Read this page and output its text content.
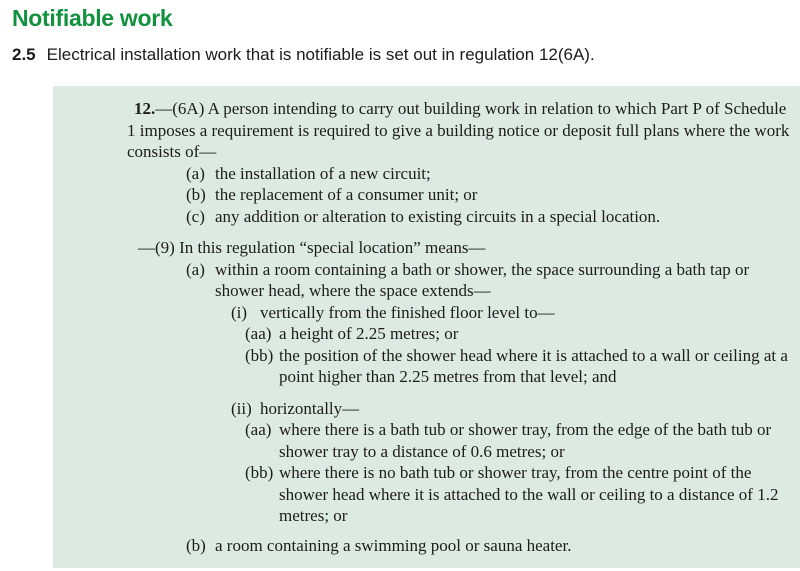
Notifiable work

2.5 Electrical installation work that is notifiable is set out in regulation 12(6A).

12.—(6A) A person intending to carry out building work in relation to which Part P of Schedule 1 imposes a requirement is required to give a building notice or deposit full plans where the work consists of—

(a) the installation of a new circuit;
(b) the replacement of a consumer unit; or
(c) any addition or alteration to existing circuits in a special location.

—(9) In this regulation “special location” means—

(a) within a room containing a bath or shower, the space surrounding a bath tap or shower head, where the space extends—
(i) vertically from the finished floor level to—
(aa) a height of 2.25 metres; or
(bb) the position of the shower head where it is attached to a wall or ceiling at a point higher than 2.25 metres from that level; and
(ii) horizontally—
(aa) where there is a bath tub or shower tray, from the edge of the bath tub or shower tray to a distance of 0.6 metres; or
(bb) where there is no bath tub or shower tray, from the centre point of the shower head where it is attached to the wall or ceiling to a distance of 1.2 metres; or
(b) a room containing a swimming pool or sauna heater.
